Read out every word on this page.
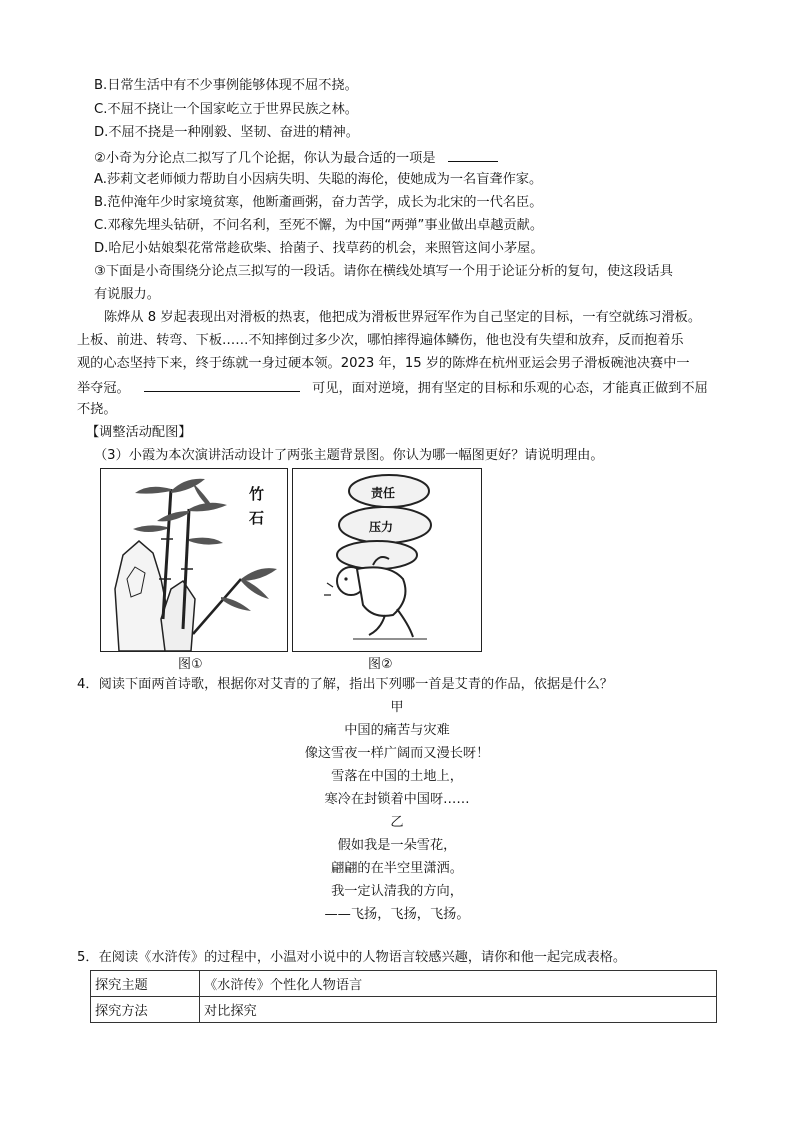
B.日常生活中有不少事例能够体现不屈不挠。
C.不屈不挠让一个国家屹立于世界民族之林。
D.不屈不挠是一种刚毅、坚韧、奋进的精神。
②小奇为分论点二拟写了几个论据，你认为最合适的一项是
A.莎莉文老师倾力帮助自小因病失明、失聪的海伦，使她成为一名盲聋作家。
B.范仲淹年少时家境贫寒，他断齑画粥，奋力苦学，成长为北宋的一代名臣。
C.邓稼先埋头钻研，不问名利，至死不懈，为中国“两弹”事业做出卓越贡献。
D.哈尼小姑娘梨花常常趁砍柴、拾菌子、找草药的机会，来照管这间小茅屋。
③下面是小奇围绕分论点三拟写的一段话。请你在横线处填写一个用于论证分析的复句，使这段话具
有说服力。
陈烨从 8 岁起表现出对滑板的热衷，他把成为滑板世界冠军作为自己坚定的目标，一有空就练习滑板。
上板、前进、转弯、下板……不知摔倒过多少次，哪怕摔得遍体鳞伤，他也没有失望和放弃，反而抱着乐
观的心态坚持下来，终于练就一身过硬本领。2023 年，15 岁的陈烨在杭州亚运会男子滑板碗池决赛中一
举夺冠。	可见，面对逆境，拥有坚定的目标和乐观的心态，才能真正做到不屈
不挠。
【调整活动配图】
（3）小霞为本次演讲活动设计了两张主题背景图。你认为哪一幅图更好？请说明理由。
竹
石
图①
责任
压力
图②
4．阅读下面两首诗歌，根据你对艾青的了解，指出下列哪一首是艾青的作品，依据是什么？
甲
中国的痛苦与灾难
像这雪夜一样广阔而又漫长呀！
雪落在中国的土地上，
寒冷在封锁着中国呀……
乙
假如我是一朵雪花，
翩翩的在半空里潇洒。
我一定认清我的方向，
——飞扬，飞扬，飞扬。
5．在阅读《水浒传》的过程中，小温对小说中的人物语言较感兴趣，请你和他一起完成表格。
探究主题	《水浒传》个性化人物语言
探究方法	对比探究
